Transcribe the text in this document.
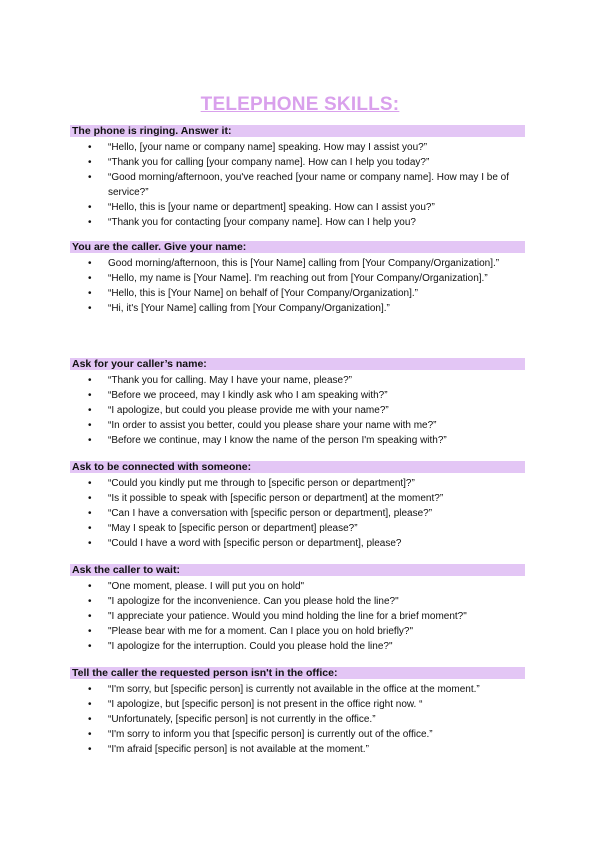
TELEPHONE SKILLS:
The phone is ringing. Answer it:
• “Hello, [your name or company name] speaking. How may I assist you?”
• “Thank you for calling [your company name]. How can I help you today?”
• “Good morning/afternoon, you've reached [your name or company name]. How may I be of service?”
• “Hello, this is [your name or department] speaking. How can I assist you?”
• “Thank you for contacting [your company name]. How can I help you?
You are the caller. Give your name:
• Good morning/afternoon, this is [Your Name] calling from [Your Company/Organization].”
• “Hello, my name is [Your Name]. I'm reaching out from [Your Company/Organization].”
• “Hello, this is [Your Name] on behalf of [Your Company/Organization].”
• “Hi, it's [Your Name] calling from [Your Company/Organization].”
Ask for your caller’s name:
• “Thank you for calling. May I have your name, please?”
• “Before we proceed, may I kindly ask who I am speaking with?”
• “I apologize, but could you please provide me with your name?”
• “In order to assist you better, could you please share your name with me?”
• “Before we continue, may I know the name of the person I'm speaking with?”
Ask to be connected with someone:
• “Could you kindly put me through to [specific person or department]?”
• “Is it possible to speak with [specific person or department] at the moment?”
• “Can I have a conversation with [specific person or department], please?”
• “May I speak to [specific person or department] please?”
• “Could I have a word with [specific person or department], please?
Ask the caller to wait:
• "One moment, please. I will put you on hold"
• "I apologize for the inconvenience. Can you please hold the line?"
• "I appreciate your patience. Would you mind holding the line for a brief moment?"
• "Please bear with me for a moment. Can I place you on hold briefly?"
• "I apologize for the interruption. Could you please hold the line?"
Tell the caller the requested person isn't in the office:
• “I'm sorry, but [specific person] is currently not available in the office at the moment.”
• “I apologize, but [specific person] is not present in the office right now. “
• “Unfortunately, [specific person] is not currently in the office.”
• “I'm sorry to inform you that [specific person] is currently out of the office.”
• “I'm afraid [specific person] is not available at the moment.”
